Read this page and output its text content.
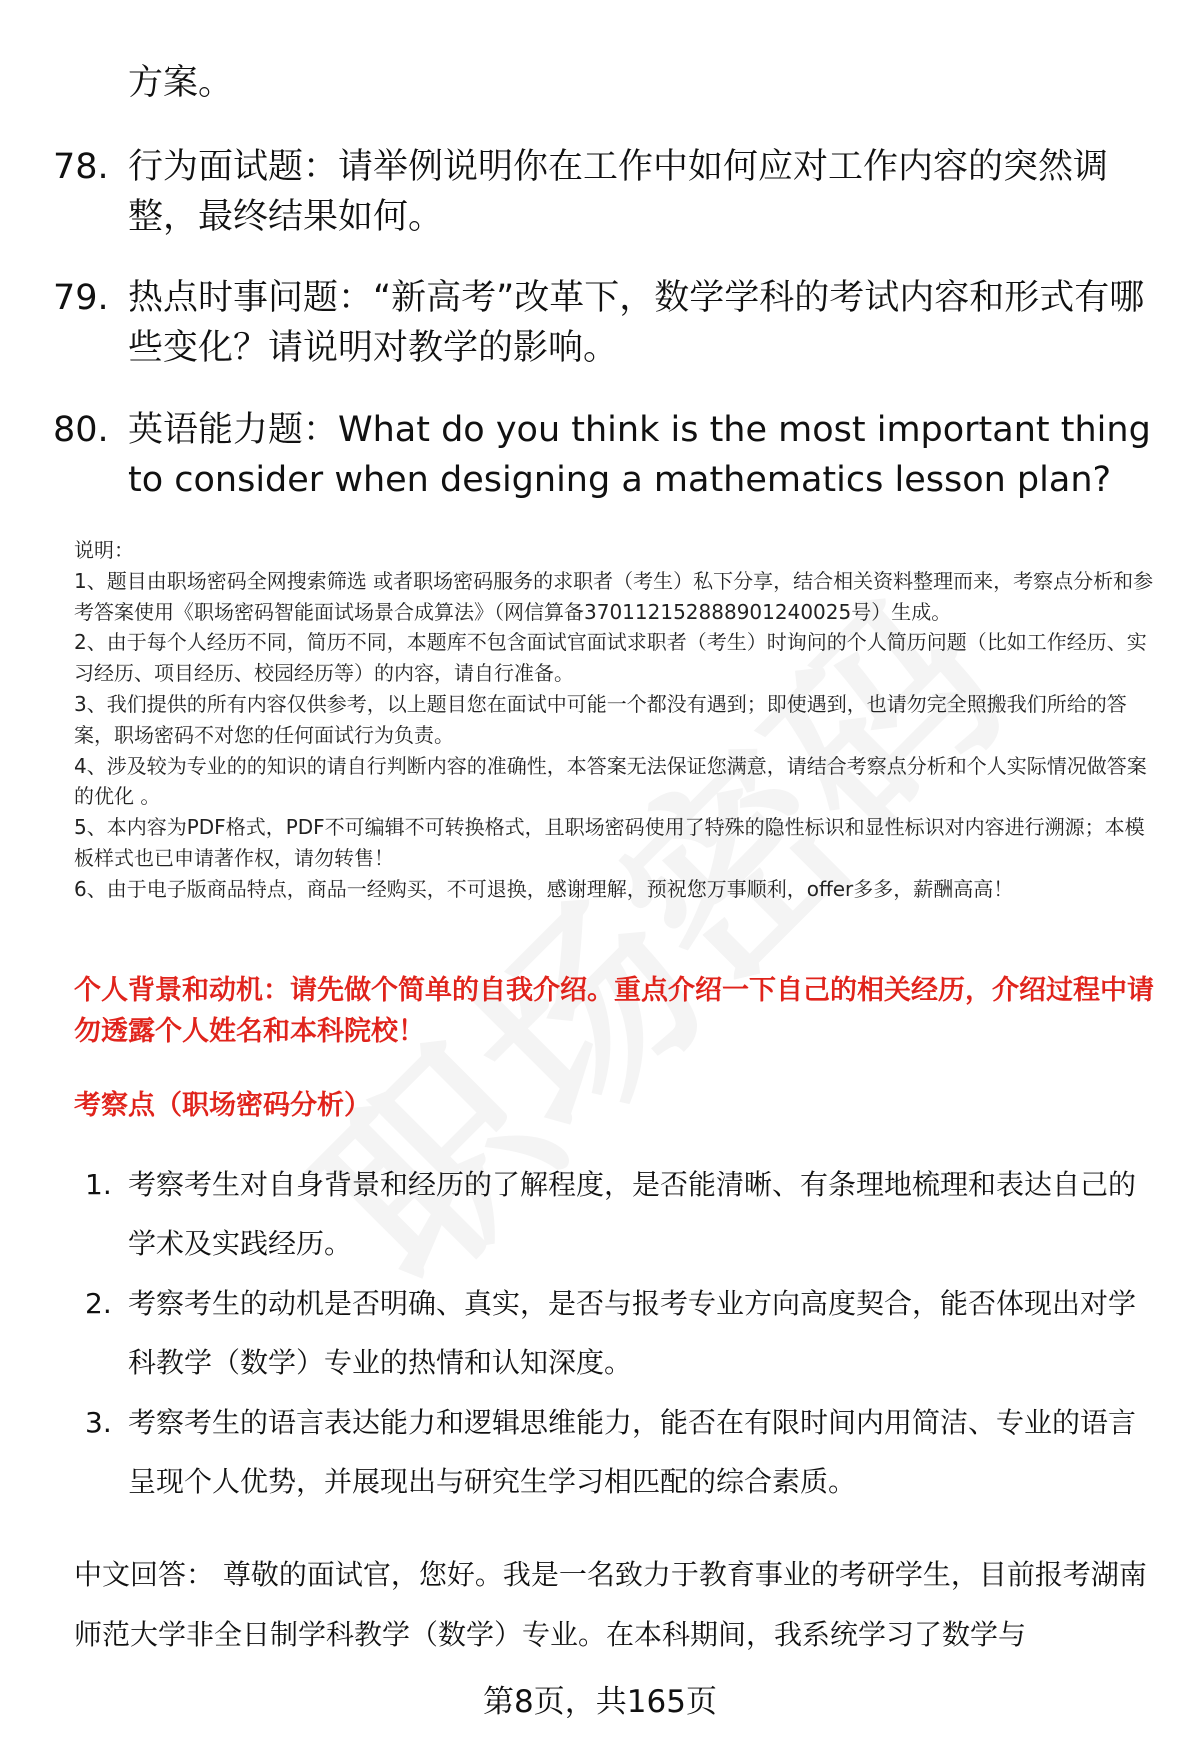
方案。
78. 行为面试题：请举例说明你在工作中如何应对工作内容的突然调整，最终结果如何。
79. 热点时事问题：“新高考”改革下，数学学科的考试内容和形式有哪些变化？请说明对教学的影响。
80. 英语能力题：What do you think is the most important thing to consider when designing a mathematics lesson plan?
说明：
1、题目由职场密码全网搜索筛选 或者职场密码服务的求职者（考生）私下分享，结合相关资料整理而来，考察点分析和参考答案使用《职场密码智能面试场景合成算法》（网信算备370112152888901240025号）生成。
2、由于每个人经历不同，简历不同，本题库不包含面试官面试求职者（考生）时询问的个人简历问题（比如工作经历、实习经历、项目经历、校园经历等）的内容，请自行准备。
3、我们提供的所有内容仅供参考，以上题目您在面试中可能一个都没有遇到；即使遇到，也请勿完全照搬我们所给的答案，职场密码不对您的任何面试行为负责。
4、涉及较为专业的的知识的请自行判断内容的准确性，本答案无法保证您满意，请结合考察点分析和个人实际情况做答案的优化 。
5、本内容为PDF格式，PDF不可编辑不可转换格式，且职场密码使用了特殊的隐性标识和显性标识对内容进行溯源；本模板样式也已申请著作权，请勿转售！
6、由于电子版商品特点，商品一经购买，不可退换，感谢理解，预祝您万事顺利，offer多多，薪酬高高！
个人背景和动机：请先做个简单的自我介绍。重点介绍一下自己的相关经历，介绍过程中请勿透露个人姓名和本科院校！
考察点（职场密码分析）
1. 考察考生对自身背景和经历的了解程度，是否能清晰、有条理地梳理和表达自己的学术及实践经历。
2. 考察考生的动机是否明确、真实，是否与报考专业方向高度契合，能否体现出对学科教学（数学）专业的热情和认知深度。
3. 考察考生的语言表达能力和逻辑思维能力，能否在有限时间内用简洁、专业的语言呈现个人优势，并展现出与研究生学习相匹配的综合素质。
中文回答： 尊敬的面试官，您好。我是一名致力于教育事业的考研学生，目前报考湖南师范大学非全日制学科教学（数学）专业。在本科期间，我系统学习了数学与
第8页，共165页
